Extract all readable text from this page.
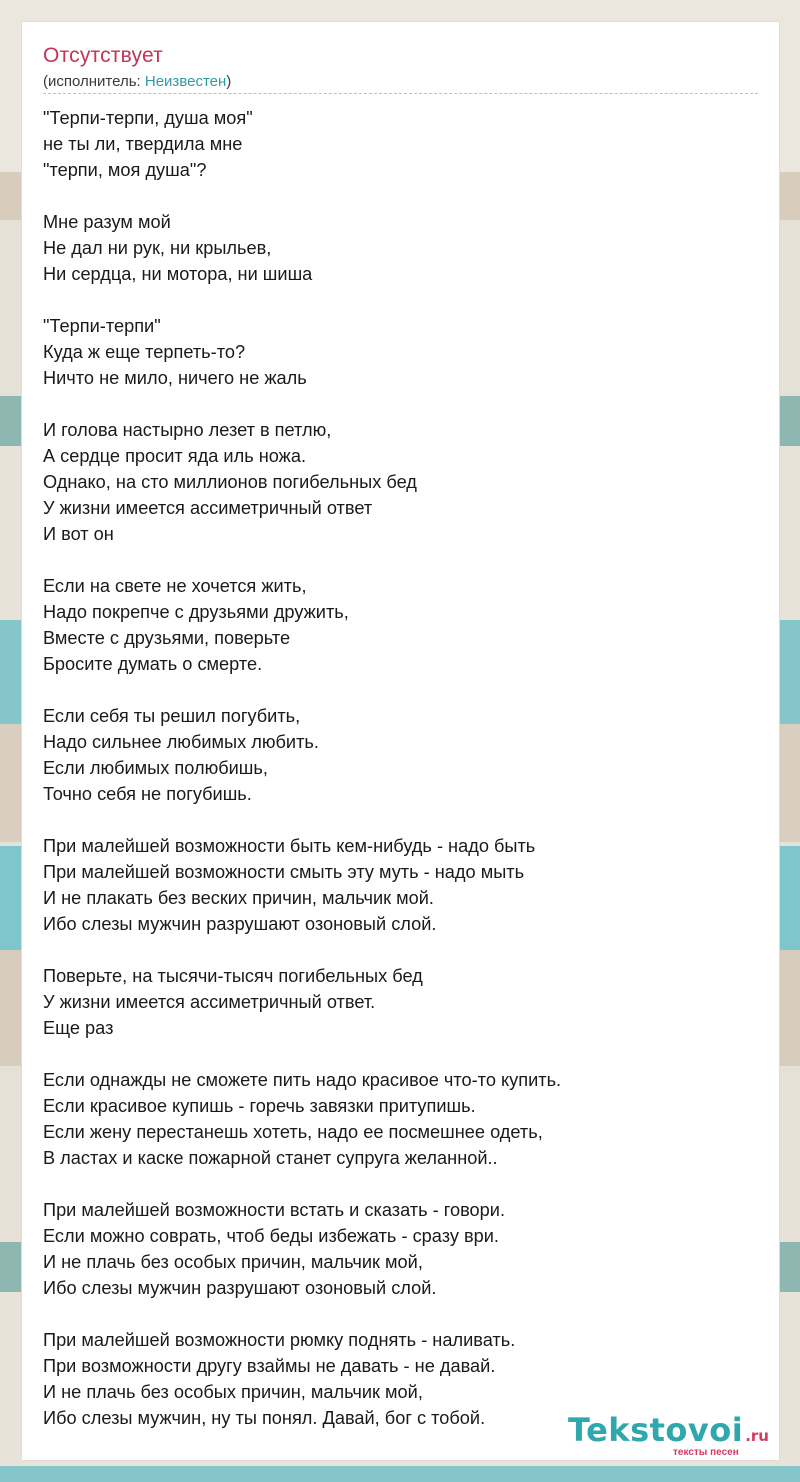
Отсутствует
(исполнитель: Неизвестен)
"Терпи-терпи, душа моя"
не ты ли, твердила мне
"терпи, моя душа"?
Мне разум мой
Не дал ни рук, ни крыльев,
Ни сердца, ни мотора, ни шиша
"Терпи-терпи"
Куда ж еще терпеть-то?
Ничто не мило, ничего не жаль
И голова настырно лезет в петлю,
А сердце просит яда иль ножа.
Однако, на сто миллионов погибельных бед
У жизни имеется ассиметричный ответ
И вот он
Если на свете не хочется жить,
Надо покрепче с друзьями дружить,
Вместе с друзьями, поверьте
Бросите думать о смерте.
Если себя ты решил погубить,
Надо сильнее любимых любить.
Если любимых полюбишь,
Точно себя не погубишь.
При малейшей возможности быть кем-нибудь - надо быть
При малейшей возможности смыть эту муть - надо мыть
И не плакать без веских причин, мальчик мой.
Ибо слезы мужчин разрушают озоновый слой.
Поверьте, на тысячи-тысяч погибельных бед
У жизни имеется ассиметричный ответ.
Еще раз
Если однажды не сможете пить надо красивое что-то купить.
Если красивое купишь - горечь завязки притупишь.
Если жену перестанешь хотеть, надо ее посмешнее одеть,
В ластах и каске пожарной станет супруга желанной..
При малейшей возможности встать и сказать - говори.
Если можно соврать, чтоб беды избежать - сразу ври.
И не плачь без особых причин, мальчик мой,
Ибо слезы мужчин разрушают озоновый слой.
При малейшей возможности рюмку поднять - наливать.
При возможности другу взаймы не давать - не давай.
И не плачь без особых причин, мальчик мой,
Ибо слезы мужчин, ну ты понял. Давай, бог с тобой.	Tekstovoi .ru
тексты песен
